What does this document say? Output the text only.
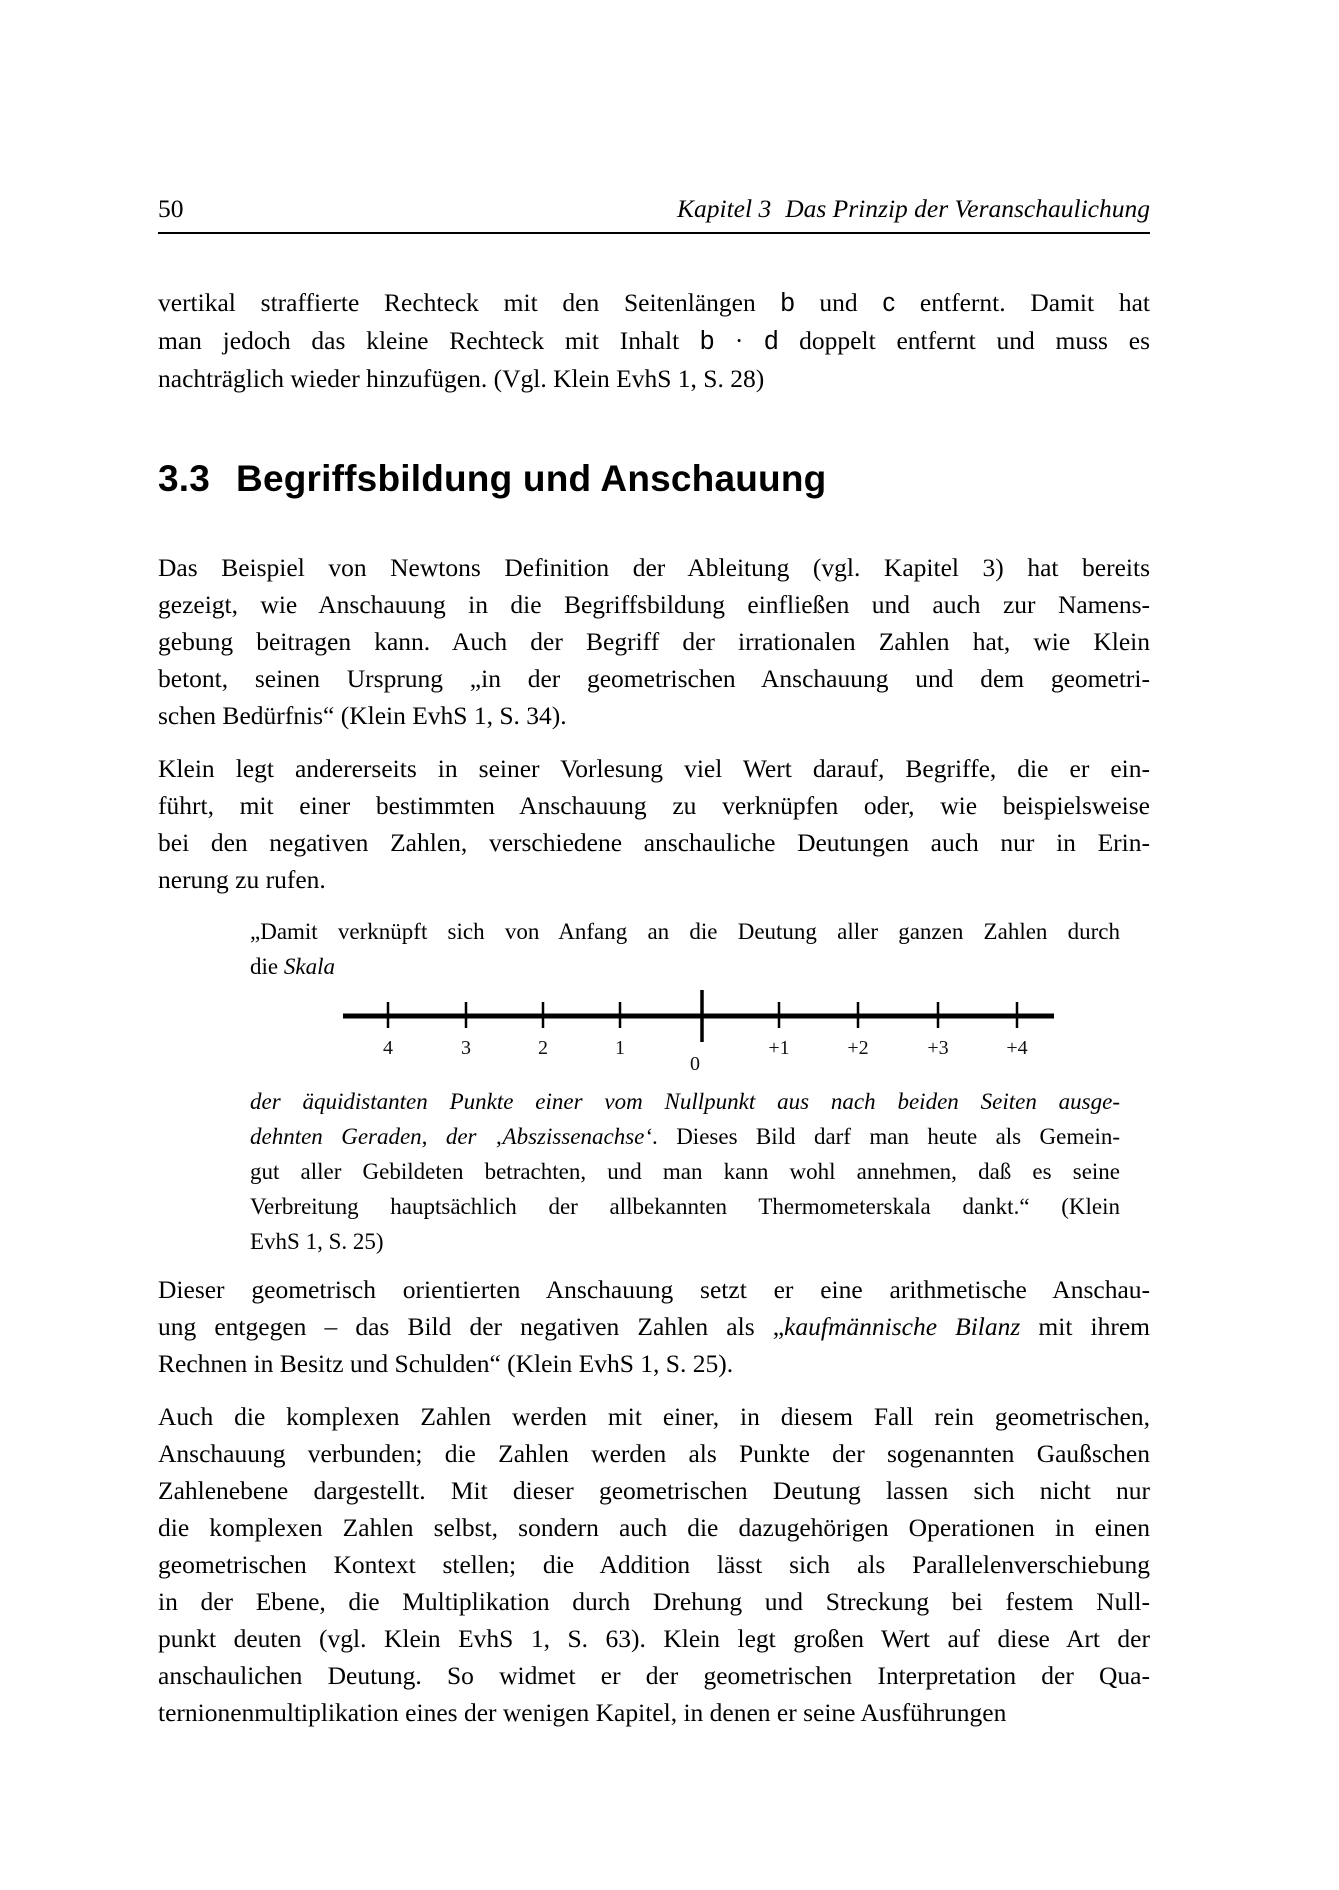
50	Kapitel 3 Das Prinzip der Veranschaulichung
vertikal straffierte Rechteck mit den Seitenlängen b und c entfernt. Damit hat
man jedoch das kleine Rechteck mit Inhalt b · d doppelt entfernt und muss es
nachträglich wieder hinzufügen. (Vgl. Klein EvhS 1, S. 28)
3.3 Begriffsbildung und Anschauung
Das Beispiel von Newtons Definition der Ableitung (vgl. Kapitel 3) hat bereits
gezeigt, wie Anschauung in die Begriffsbildung einfließen und auch zur Namens-
gebung beitragen kann. Auch der Begriff der irrationalen Zahlen hat, wie Klein
betont, seinen Ursprung „in der geometrischen Anschauung und dem geometri-
schen Bedürfnis“ (Klein EvhS 1, S. 34).
Klein legt andererseits in seiner Vorlesung viel Wert darauf, Begriffe, die er ein-
führt, mit einer bestimmten Anschauung zu verknüpfen oder, wie beispielsweise
bei den negativen Zahlen, verschiedene anschauliche Deutungen auch nur in Erin-
nerung zu rufen.
„Damit verknüpft sich von Anfang an die Deutung aller ganzen Zahlen durch
die Skala
4	3	2	1
0
+1	+2	+3	+4
der äquidistanten Punkte einer vom Nullpunkt aus nach beiden Seiten ausge-
dehnten Geraden, der ‚Abszissenachse‘. Dieses Bild darf man heute als Gemein-
gut aller Gebildeten betrachten, und man kann wohl annehmen, daß es seine
Verbreitung hauptsächlich der allbekannten Thermometerskala dankt.“ (Klein
EvhS 1, S. 25)
Dieser geometrisch orientierten Anschauung setzt er eine arithmetische Anschau-
ung entgegen – das Bild der negativen Zahlen als „kaufmännische Bilanz mit ihrem
Rechnen in Besitz und Schulden“ (Klein EvhS 1, S. 25).
Auch die komplexen Zahlen werden mit einer, in diesem Fall rein geometrischen,
Anschauung verbunden; die Zahlen werden als Punkte der sogenannten Gaußschen
Zahlenebene dargestellt. Mit dieser geometrischen Deutung lassen sich nicht nur
die komplexen Zahlen selbst, sondern auch die dazugehörigen Operationen in einen
geometrischen Kontext stellen; die Addition lässt sich als Parallelenverschiebung
in der Ebene, die Multiplikation durch Drehung und Streckung bei festem Null-
punkt deuten (vgl. Klein EvhS 1, S. 63). Klein legt großen Wert auf diese Art der
anschaulichen Deutung. So widmet er der geometrischen Interpretation der Qua-
ternionenmultiplikation eines der wenigen Kapitel, in denen er seine Ausführungen
